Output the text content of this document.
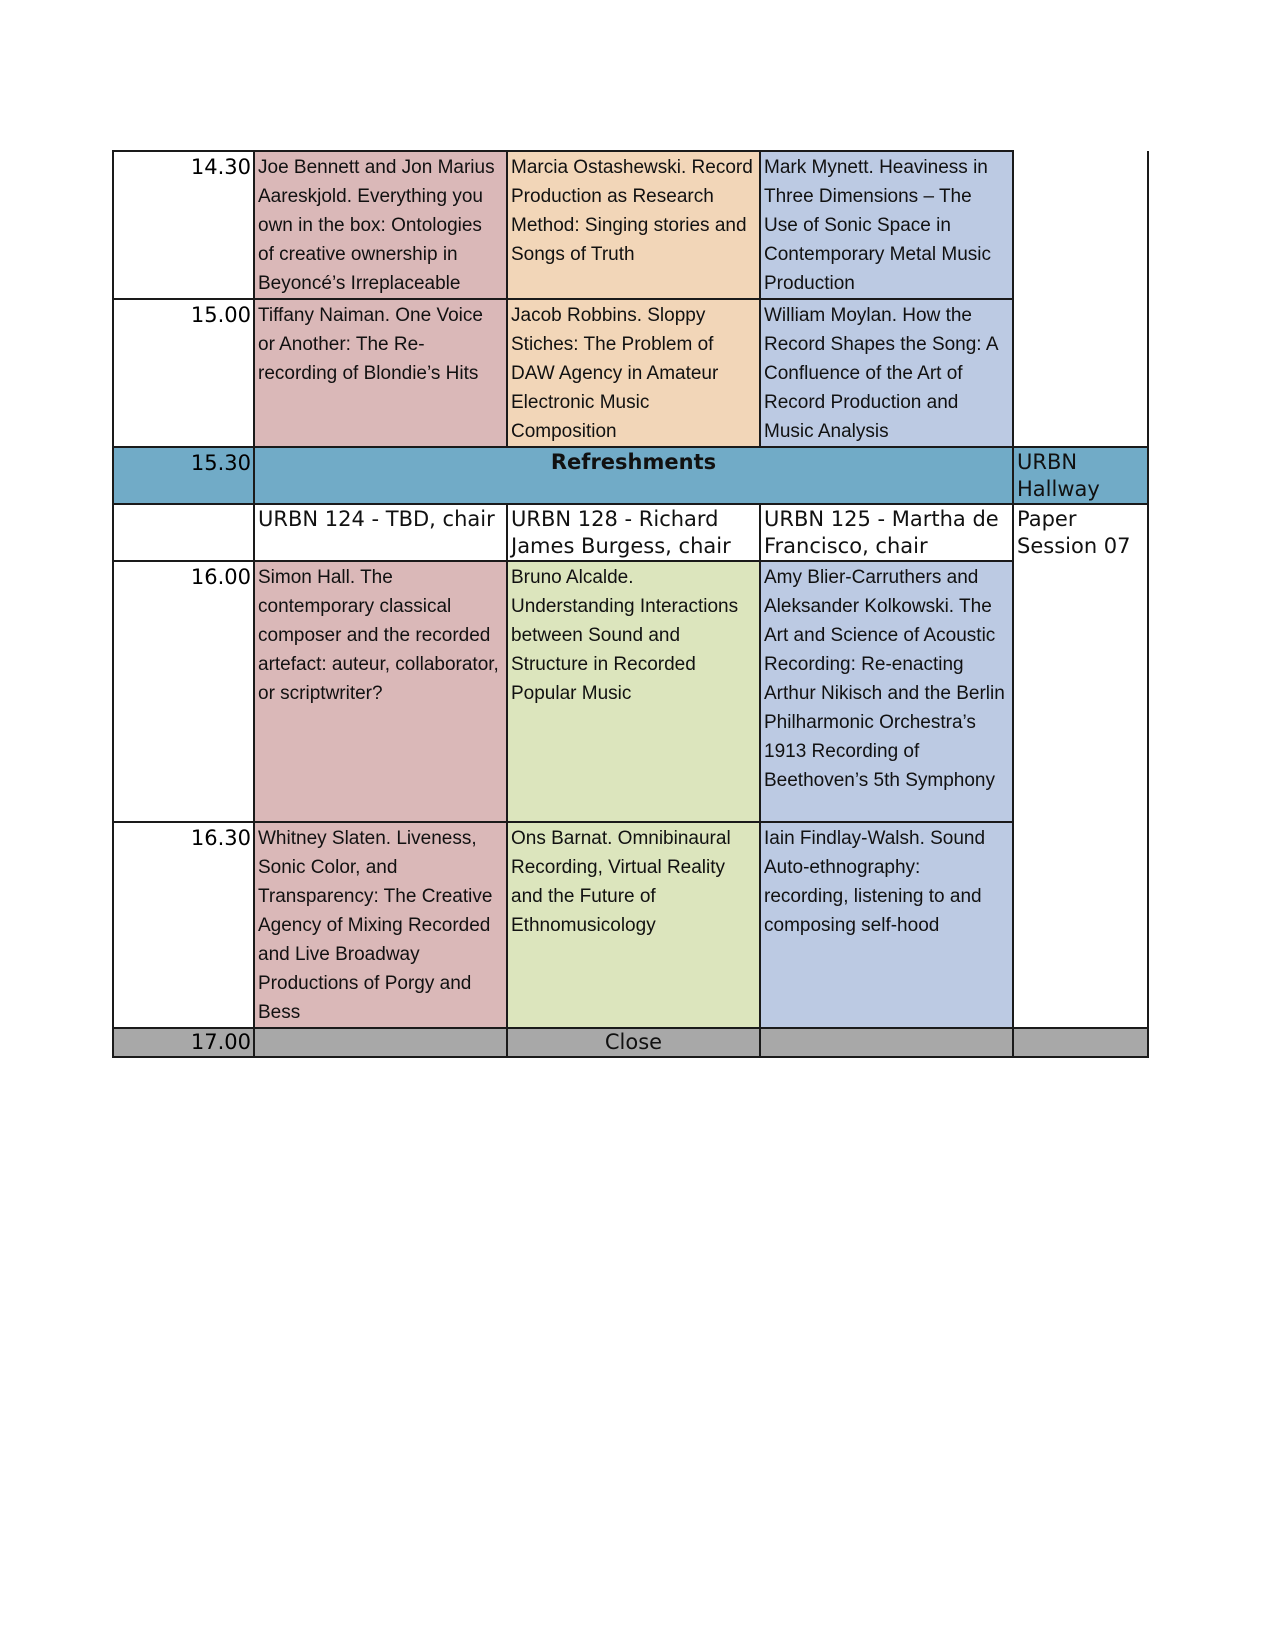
14.30	Joe Bennett and Jon Marius Aareskjold. Everything you own in the box: Ontologies of creative ownership in Beyoncé’s Irreplaceable	Marcia Ostashewski. Record Production as Research Method: Singing stories and Songs of Truth	Mark Mynett. Heaviness in Three Dimensions – The Use of Sonic Space in Contemporary Metal Music Production	
15.00	Tiffany Naiman. One Voice or Another: The Re-recording of Blondie’s Hits	Jacob Robbins. Sloppy Stiches: The Problem of DAW Agency in Amateur Electronic Music Composition	William Moylan. How the Record Shapes the Song: A Confluence of the Art of Record Production and Music Analysis	
15.30	Refreshments			URBN Hallway
	URBN 124 - TBD, chair	URBN 128 - Richard James Burgess, chair	URBN 125 - Martha de Francisco, chair	Paper Session 07
16.00	Simon Hall. The contemporary classical composer and the recorded artefact: auteur, collaborator, or scriptwriter?	Bruno Alcalde. Understanding Interactions between Sound and Structure in Recorded Popular Music	Amy Blier-Carruthers and Aleksander Kolkowski. The Art and Science of Acoustic Recording: Re-enacting Arthur Nikisch and the Berlin Philharmonic Orchestra’s 1913 Recording of Beethoven’s 5th Symphony	
16.30	Whitney Slaten. Liveness, Sonic Color, and Transparency: The Creative Agency of Mixing Recorded and Live Broadway Productions of Porgy and Bess	Ons Barnat. Omnibinaural Recording, Virtual Reality and the Future of Ethnomusicology	Iain Findlay-Walsh. Sound Auto-ethnography: recording, listening to and composing self-hood	
17.00		Close		
